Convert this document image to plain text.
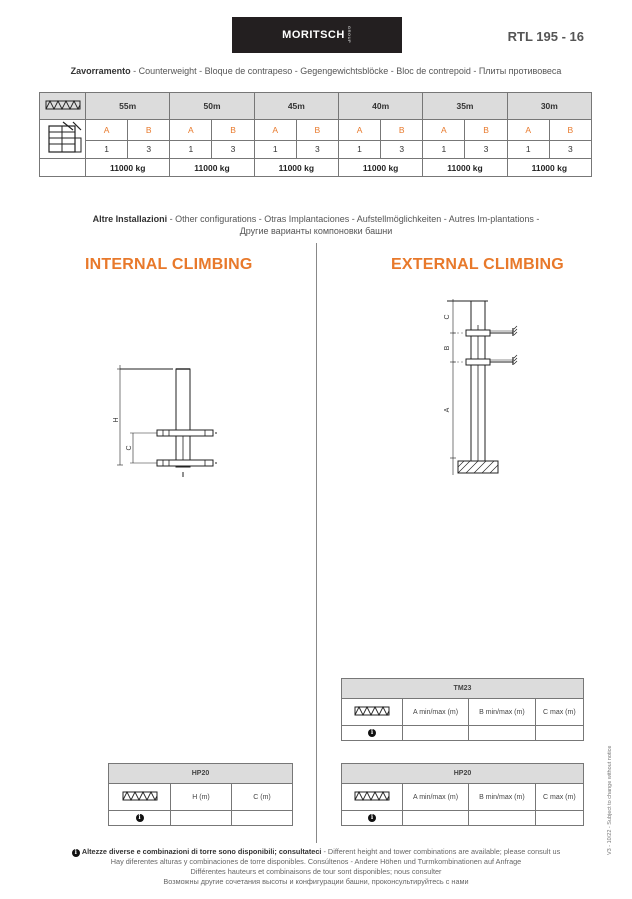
MORITSCH GROUP	RTL 195 - 16
Zavorramento - Counterweight - Bloque de contrapeso - Gegengewichtsblöcke - Bloc de contrepoid - Плиты противовеса
	55m		50m		45m		40m		35m		30m	
	A	B	A	B	A	B	A	B	A	B	A	B
	1	3	1	3	1	3	1	3	1	3	1	3
	11000 kg		11000 kg		11000 kg		11000 kg		11000 kg		11000 kg	
Altre Installazioni - Other configurations - Otras Implantaciones - Aufstellmöglichkeiten - Autres Im-plantations -
Другие варианты компоновки башни
INTERNAL CLIMBING	EXTERNAL CLIMBING
H
C
C
B
A
HP20		
	H (m)	C (m)
i		
TM23			
	A min/max (m)	B min/max (m)	C max (m)
i			
HP20			
	A min/max (m)	B min/max (m)	C max (m)
i			
i Altezze diverse e combinazioni di torre sono disponibili; consultateci - Different height and tower combinations are available; please consult us
Hay diferentes alturas y combinaciones de torre disponibles. Consúltenos - Andere Höhen und Turmkombinationen auf Anfrage
Différentes hauteurs et combinaisons de tour sont disponibles; nous consulter
Возможны другие сочетания высоты и конфигурации башни, проконсультируйтесь с нами
V3 - 10/22 - Subject to change without notice
